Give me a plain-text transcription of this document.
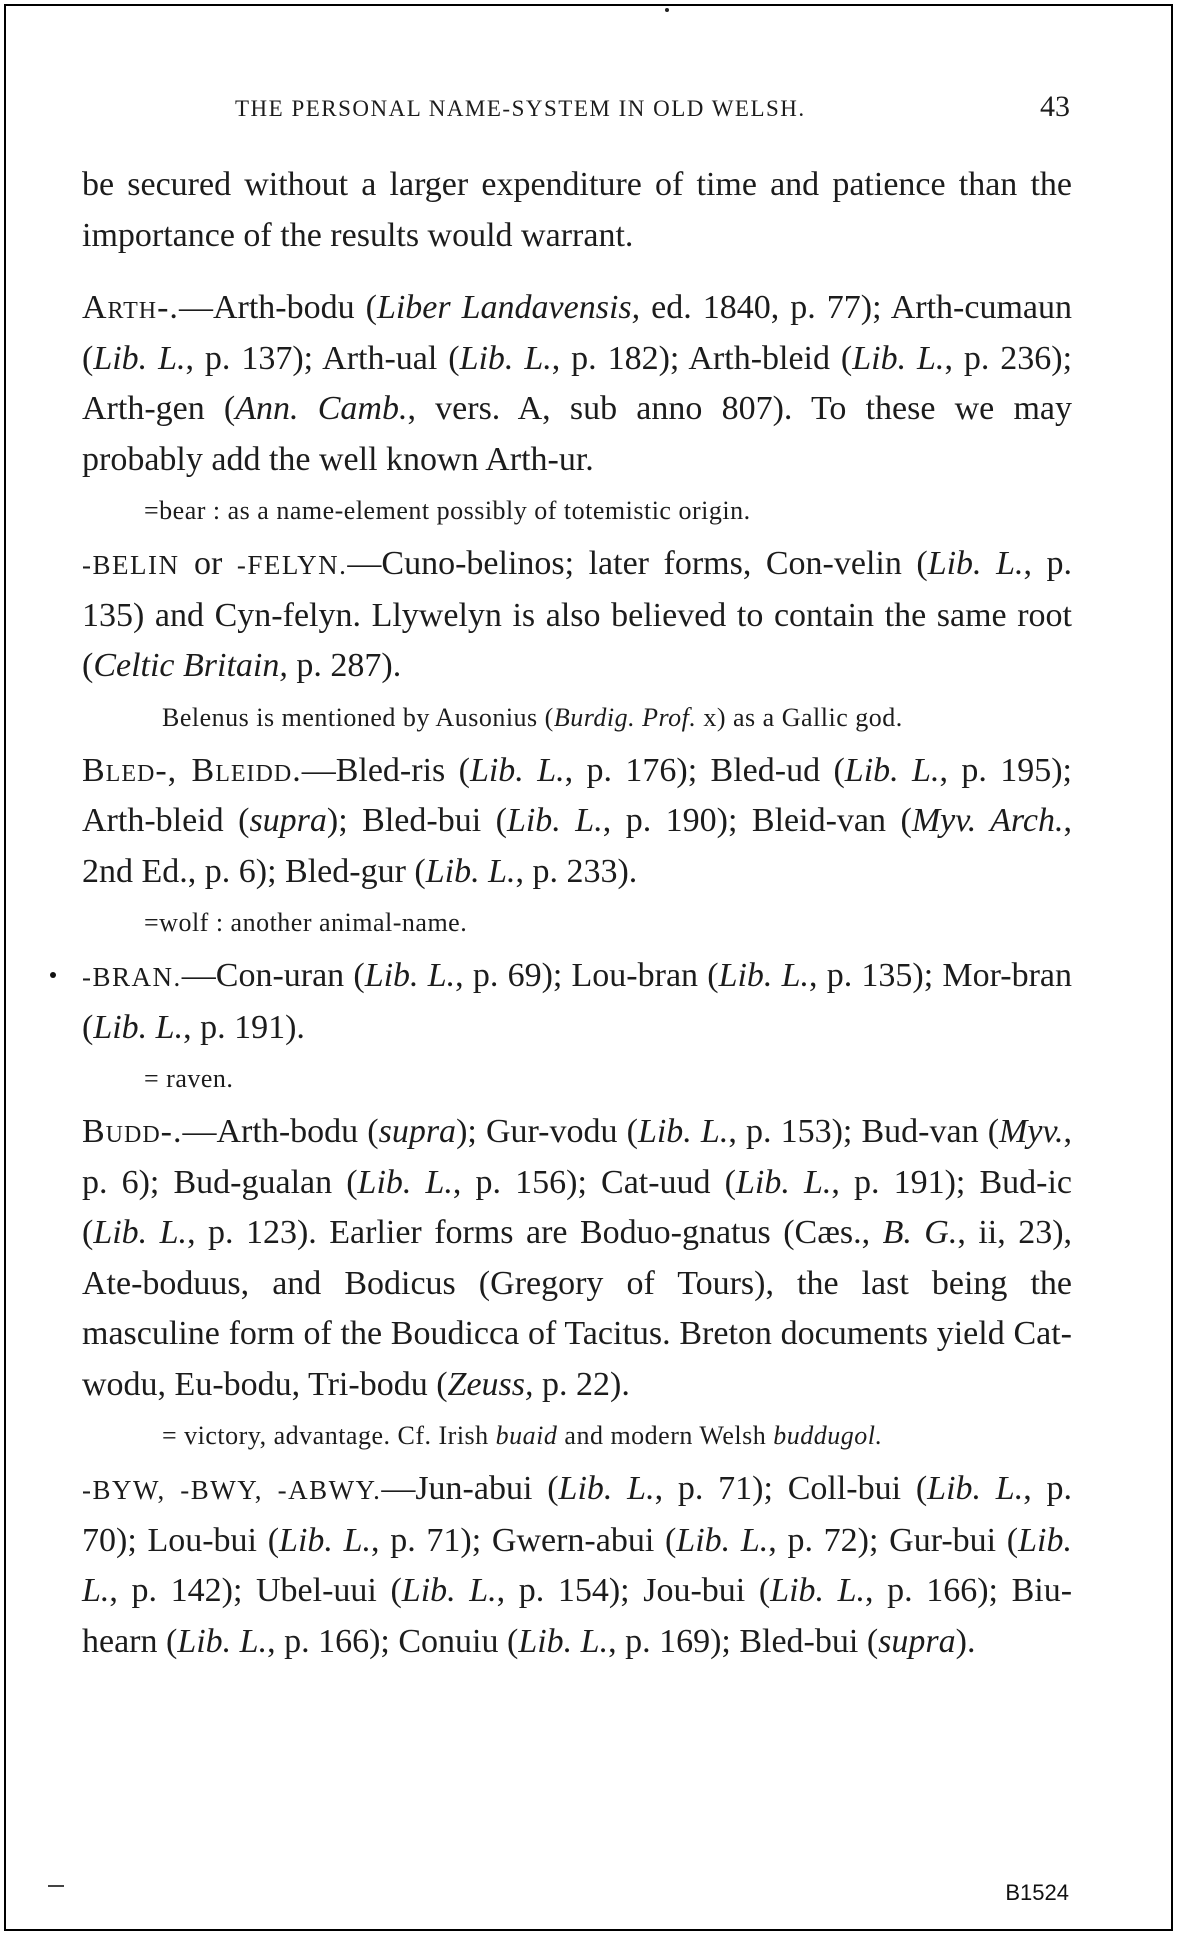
THE PERSONAL NAME-SYSTEM IN OLD WELSH.	43

be secured without a larger expenditure of time and patience than the importance of the results would warrant.

Arth-.—Arth-bodu (Liber Landavensis, ed. 1840, p. 77); Arth-cumaun (Lib. L., p. 137); Arth-ual (Lib. L., p. 182); Arth-bleid (Lib. L., p. 236); Arth-gen (Ann. Camb., vers. A, sub anno 807). To these we may probably add the well known Arth-ur.

=bear : as a name-element possibly of totemistic origin.

-BELIN or -FELYN.—Cuno-belinos; later forms, Con-velin (Lib. L., p. 135) and Cyn-felyn. Llywelyn is also believed to contain the same root (Celtic Britain, p. 287).

Belenus is mentioned by Ausonius (Burdig. Prof. x) as a Gallic god.

Bled-, Bleidd.—Bled-ris (Lib. L., p. 176); Bled-ud (Lib. L., p. 195); Arth-bleid (supra); Bled-bui (Lib. L., p. 190); Bleid-van (Myv. Arch., 2nd Ed., p. 6); Bled-gur (Lib. L., p. 233).

=wolf : another animal-name.

-BRAN.—Con-uran (Lib. L., p. 69); Lou-bran (Lib. L., p. 135); Mor-bran (Lib. L., p. 191).

= raven.

Budd-.—Arth-bodu (supra); Gur-vodu (Lib. L., p. 153); Bud-van (Myv., p. 6); Bud-gualan (Lib. L., p. 156); Cat-uud (Lib. L., p. 191); Bud-ic (Lib. L., p. 123). Earlier forms are Boduo-gnatus (Cæs., B. G., ii, 23), Ate-boduus, and Bodicus (Gregory of Tours), the last being the masculine form of the Boudicca of Tacitus. Breton documents yield Cat-wodu, Eu-bodu, Tri-bodu (Zeuss, p. 22).

= victory, advantage. Cf. Irish buaid and modern Welsh buddugol.

-BYW, -BWY, -ABWY.—Jun-abui (Lib. L., p. 71); Coll-bui (Lib. L., p. 70); Lou-bui (Lib. L., p. 71); Gwern-abui (Lib. L., p. 72); Gur-bui (Lib. L., p. 142); Ubel-uui (Lib. L., p. 154); Jou-bui (Lib. L., p. 166); Biu-hearn (Lib. L., p. 166); Conuiu (Lib. L., p. 169); Bled-bui (supra).

B1524
